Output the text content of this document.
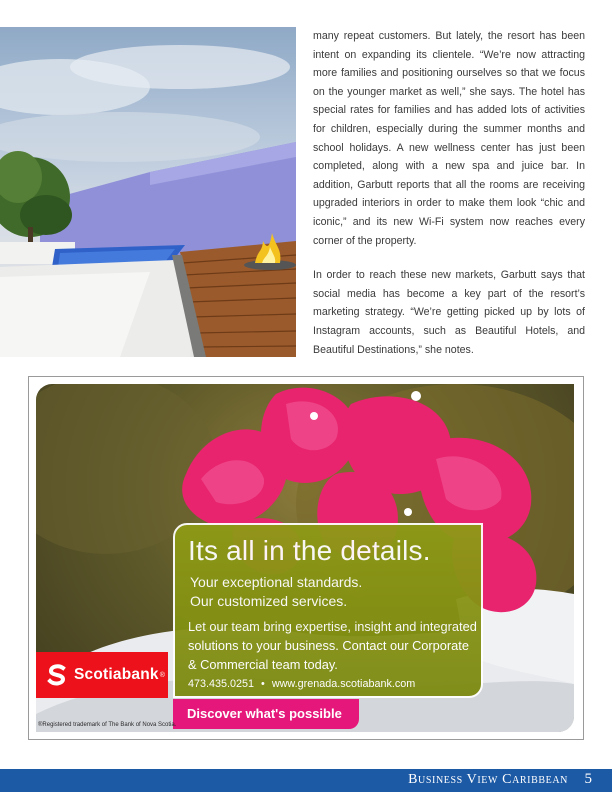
many repeat customers. But lately, the resort has been intent on expanding its clientele. “We’re now attracting more families and positioning ourselves so that we focus on the younger market as well,” she says. The hotel has special rates for families and has added lots of activities for children, especially during the summer months and school holidays. A new wellness center has just been completed, along with a new spa and juice bar. In addition, Garbutt reports that all the rooms are receiving upgraded interiors in order to make them look “chic and iconic,” and its new Wi-Fi system now reaches every corner of the property.

In order to reach these new markets, Garbutt says that social media has become a key part of the resort’s marketing strategy. “We’re getting picked up by lots of Instagram accounts, such as Beautiful Hotels, and Beautiful Destinations,” she notes.

Its all in the details.
Your exceptional standards.
Our customized services.
Let our team bring expertise, insight and integrated solutions to your business. Contact our Corporate & Commercial team today.
473.435.0251 • www.grenada.scotiabank.com
Discover what's possible
Scotiabank ®
®Registered trademark of The Bank of Nova Scotia.
Business View Caribbean 5
